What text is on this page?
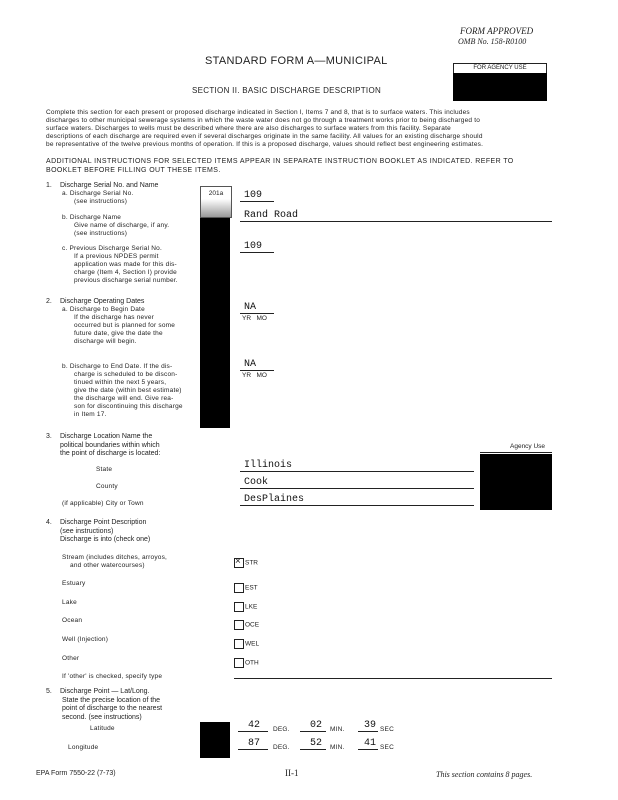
FORM APPROVED
OMB No. 158-R0100
STANDARD FORM A—MUNICIPAL
FOR AGENCY USE
SECTION II. BASIC DISCHARGE DESCRIPTION
Complete this section for each present or proposed discharge indicated in Section I, Items 7 and 8, that is to surface waters. This includes
discharges to other municipal sewerage systems in which the waste water does not go through a treatment works prior to being discharged to
surface waters. Discharges to wells must be described where there are also discharges to surface waters from this facility. Separate
descriptions of each discharge are required even if several discharges originate in the same facility. All values for an existing discharge should
be representative of the twelve previous months of operation. If this is a proposed discharge, values should reflect best engineering estimates.
ADDITIONAL INSTRUCTIONS FOR SELECTED ITEMS APPEAR IN SEPARATE INSTRUCTION BOOKLET AS INDICATED. REFER TO
BOOKLET BEFORE FILLING OUT THESE ITEMS.
1. Discharge Serial No. and Name
a. Discharge Serial No.
(see instructions)
201a	109
b. Discharge Name
Give name of discharge, if any.
(see instructions)
Rand Road
c. Previous Discharge Serial No.
If a previous NPDES permit
application was made for this dis-
charge (Item 4, Section I) provide
previous discharge serial number.
109
2. Discharge Operating Dates
a. Discharge to Begin Date
If the discharge has never
occurred but is planned for some
future date, give the date the
discharge will begin.
NA
YR   MO
b. Discharge to End Date. If the dis-
charge is scheduled to be discon-
tinued within the next 5 years,
give the date (within best estimate)
the discharge will end. Give rea-
son for discontinuing this discharge
in Item 17.
NA
YR   MO
3. Discharge Location Name the
political boundaries within which
the point of discharge is located:
Agency Use
State	Illinois
County	Cook
(if applicable) City or Town	DesPlaines
4. Discharge Point Description
(see instructions)
Discharge is into (check one)
Stream (includes ditches, arroyos,
and other watercourses)
×	STR
Estuary
EST
Lake
LKE
Ocean
OCE
Well (Injection)
WEL
Other
OTH
If 'other' is checked, specify type
5. Discharge Point — Lat/Long.
State the precise location of the
point of discharge to the nearest
second. (see instructions)
Latitude	42 DEG. 02 MIN. 39 SEC
Longitude	87 DEG. 52 MIN. 41 SEC
EPA Form 7550-22 (7-73)	II-1	This section contains 8 pages.
